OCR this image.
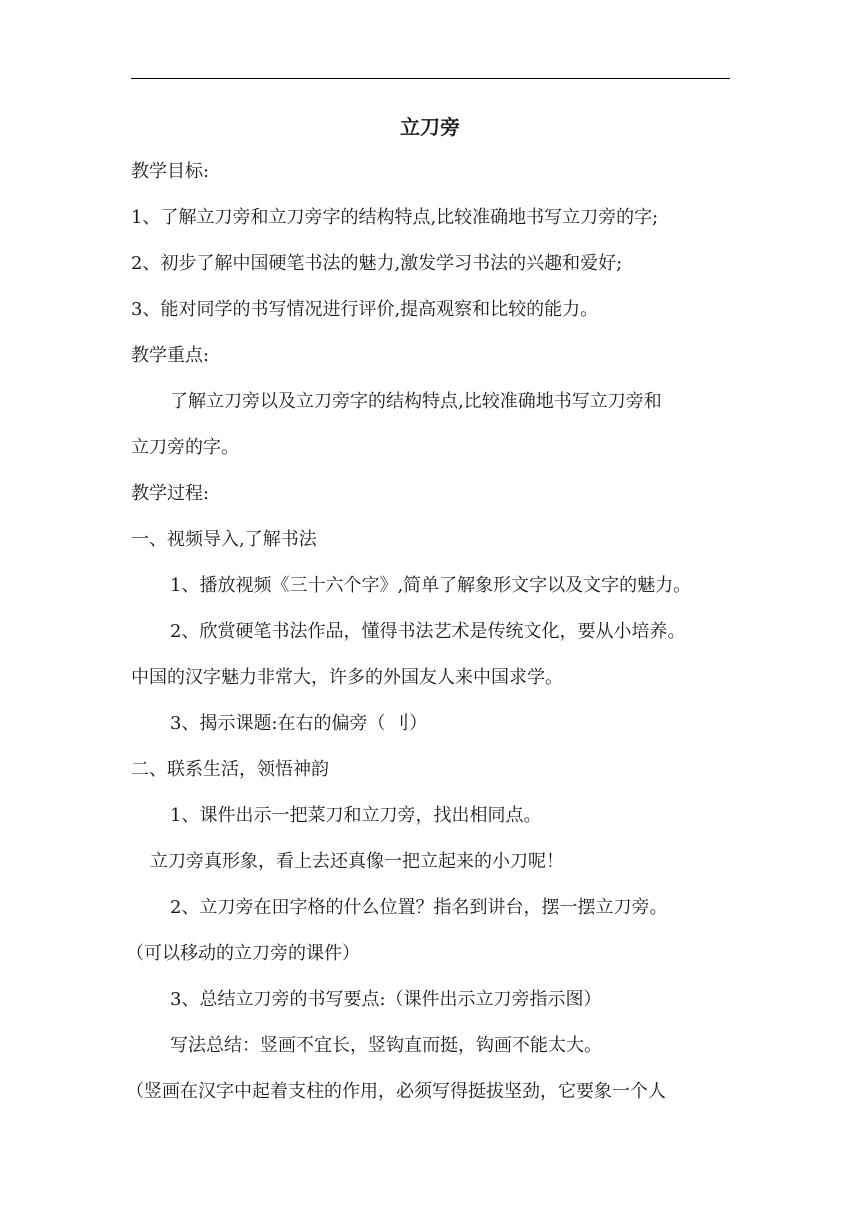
立刀旁
教学目标:
1、了解立刀旁和立刀旁字的结构特点,比较准确地书写立刀旁的字;
2、初步了解中国硬笔书法的魅力,激发学习书法的兴趣和爱好;
3、能对同学的书写情况进行评价,提高观察和比较的能力。
教学重点:
了解立刀旁以及立刀旁字的结构特点,比较准确地书写立刀旁和
立刀旁的字。
教学过程:
一、视频导入,了解书法
1、播放视频《三十六个字》,简单了解象形文字以及文字的魅力。
2、欣赏硬笔书法作品，懂得书法艺术是传统文化，要从小培养。
中国的汉字魅力非常大，许多的外国友人来中国求学。
3、揭示课题:在右的偏旁（ 刂）
二、联系生活，领悟神韵
1、课件出示一把菜刀和立刀旁，找出相同点。
立刀旁真形象，看上去还真像一把立起来的小刀呢！
2、立刀旁在田字格的什么位置？指名到讲台，摆一摆立刀旁。
（可以移动的立刀旁的课件）
3、总结立刀旁的书写要点:（课件出示立刀旁指示图）
写法总结：竖画不宜长，竖钩直而挺，钩画不能太大。
（竖画在汉字中起着支柱的作用，必须写得挺拔坚劲，它要象一个人
